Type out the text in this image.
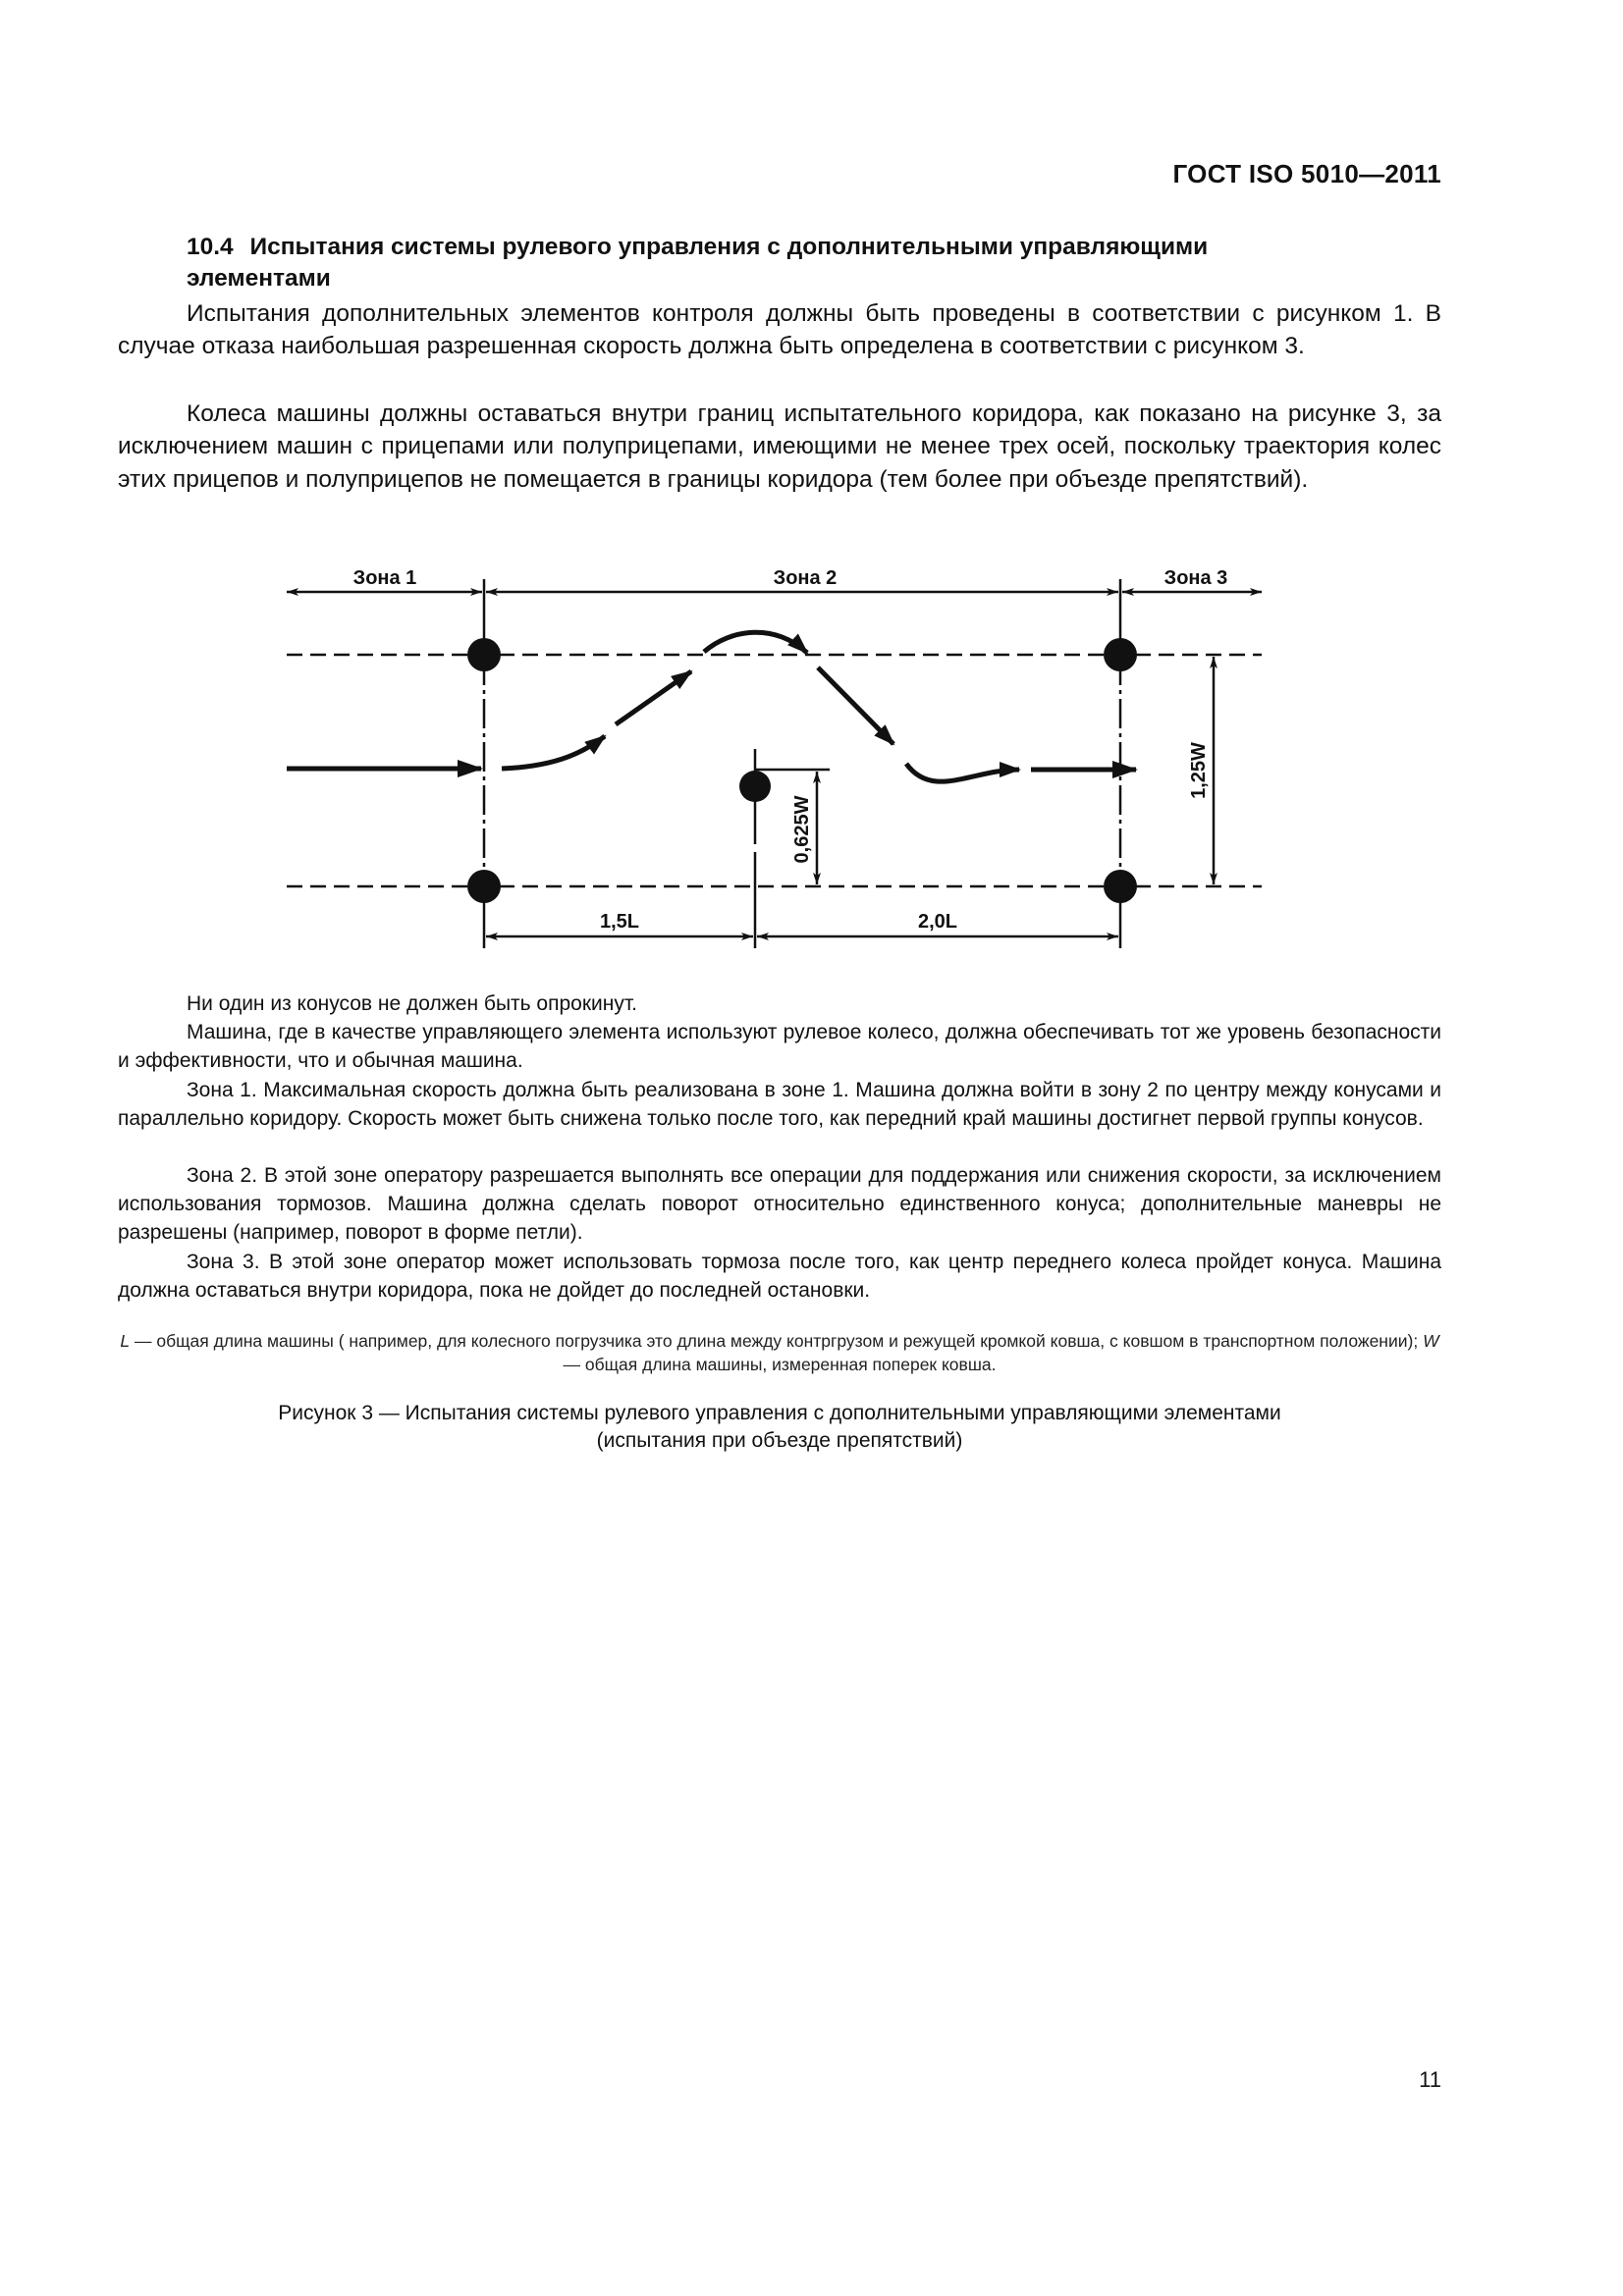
ГОСТ ISO 5010—2011
10.4 Испытания системы рулевого управления с дополнительными управляющими
элементами
Испытания дополнительных элементов контроля должны быть проведены в соответствии с рисунком 1. В случае отказа наибольшая разрешенная скорость должна быть определена в соответствии с рисунком 3.
Колеса машины должны оставаться внутри границ испытательного коридора, как показано на рисунке 3, за исключением машин с прицепами или полуприцепами, имеющими не менее трех осей, поскольку траектория колес этих прицепов и полуприцепов не помещается в границы коридора (тем более при объезде препятствий).
Зона 1	Зона 2	Зона 3
0,625W
1,25W
1,5L	2,0L
Ни один из конусов не должен быть опрокинут.
Машина, где в качестве управляющего элемента используют рулевое колесо, должна обеспечивать тот же уровень безопасности и эффективности, что и обычная машина.
Зона 1. Максимальная скорость должна быть реализована в зоне 1. Машина должна войти в зону 2 по центру между конусами и параллельно коридору. Скорость может быть снижена только после того, как передний край машины достигнет первой группы конусов.
Зона 2. В этой зоне оператору разрешается выполнять все операции для поддержания или снижения скорости, за исключением использования тормозов. Машина должна сделать поворот относительно единственного конуса; дополнительные маневры не разрешены (например, поворот в форме петли).
Зона 3. В этой зоне оператор может использовать тормоза после того, как центр переднего колеса пройдет конуса. Машина должна оставаться внутри коридора, пока не дойдет до последней остановки.
L — общая длина машины ( например, для колесного погрузчика это длина между контргрузом и режущей кромкой ковша, с ковшом в транспортном положении); W — общая длина машины, измеренная поперек ковша.
Рисунок 3 — Испытания системы рулевого управления с дополнительными управляющими элементами
(испытания при объезде препятствий)
11
